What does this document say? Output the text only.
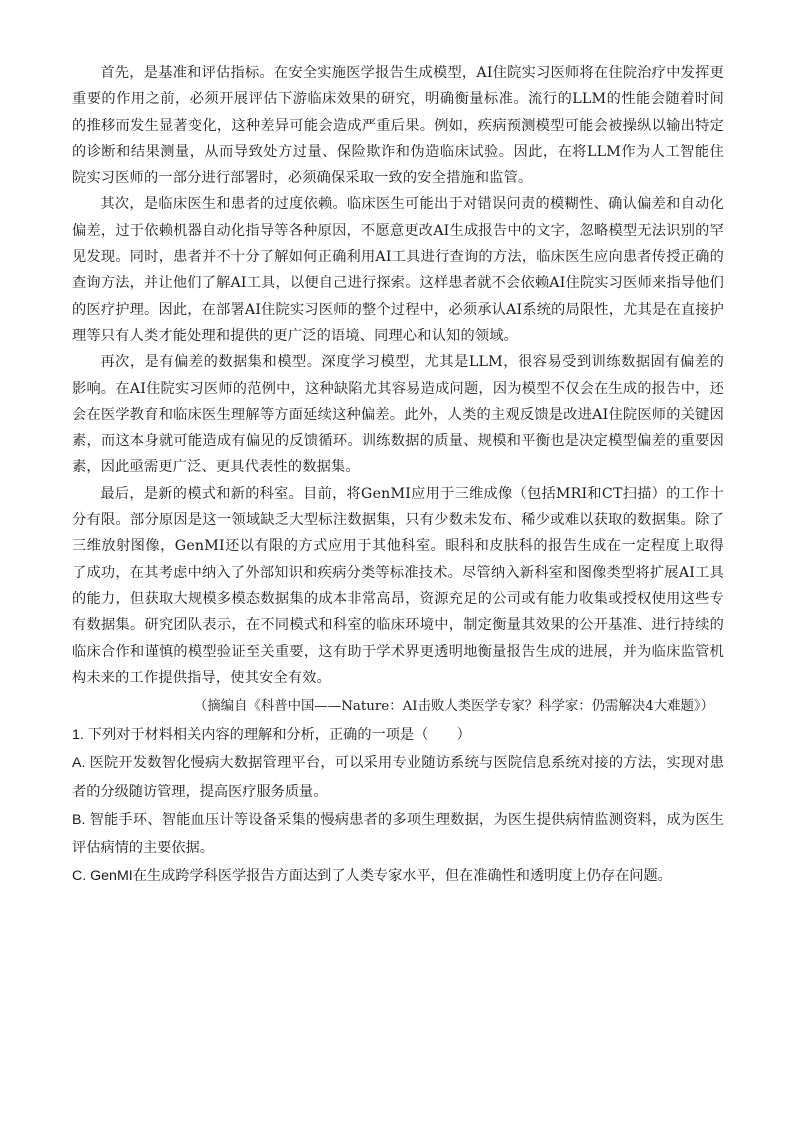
首先，是基准和评估指标。在安全实施医学报告生成模型，AI住院实习医师将在住院治疗中发挥更重要的作用之前，必须开展评估下游临床效果的研究，明确衡量标准。流行的LLM的性能会随着时间的推移而发生显著变化，这种差异可能会造成严重后果。例如，疾病预测模型可能会被操纵以输出特定的诊断和结果测量，从而导致处方过量、保险欺诈和伪造临床试验。因此，在将LLM作为人工智能住院实习医师的一部分进行部署时，必须确保采取一致的安全措施和监管。

其次，是临床医生和患者的过度依赖。临床医生可能出于对错误问责的模糊性、确认偏差和自动化偏差，过于依赖机器自动化指导等各种原因，不愿意更改AI生成报告中的文字，忽略模型无法识别的罕见发现。同时，患者并不十分了解如何正确利用AI工具进行查询的方法，临床医生应向患者传授正确的查询方法，并让他们了解AI工具，以便自己进行探索。这样患者就不会依赖AI住院实习医师来指导他们的医疗护理。因此，在部署AI住院实习医师的整个过程中，必须承认AI系统的局限性，尤其是在直接护理等只有人类才能处理和提供的更广泛的语境、同理心和认知的领域。

再次，是有偏差的数据集和模型。深度学习模型，尤其是LLM，很容易受到训练数据固有偏差的影响。在AI住院实习医师的范例中，这种缺陷尤其容易造成问题，因为模型不仅会在生成的报告中，还会在医学教育和临床医生理解等方面延续这种偏差。此外，人类的主观反馈是改进AI住院医师的关键因素，而这本身就可能造成有偏见的反馈循环。训练数据的质量、规模和平衡也是决定模型偏差的重要因素，因此亟需更广泛、更具代表性的数据集。

最后，是新的模式和新的科室。目前，将GenMI应用于三维成像（包括MRI和CT扫描）的工作十分有限。部分原因是这一领域缺乏大型标注数据集，只有少数未发布、稀少或难以获取的数据集。除了三维放射图像，GenMI还以有限的方式应用于其他科室。眼科和皮肤科的报告生成在一定程度上取得了成功，在其考虑中纳入了外部知识和疾病分类等标准技术。尽管纳入新科室和图像类型将扩展AI工具的能力，但获取大规模多模态数据集的成本非常高昂，资源充足的公司或有能力收集或授权使用这些专有数据集。研究团队表示，在不同模式和科室的临床环境中，制定衡量其效果的公开基准、进行持续的临床合作和谨慎的模型验证至关重要，这有助于学术界更透明地衡量报告生成的进展，并为临床监管机构未来的工作提供指导，使其安全有效。

（摘编自《科普中国——Nature：AI击败人类医学专家？科学家：仍需解决4大难题》）

1. 下列对于材料相关内容的理解和分析，正确的一项是（　　）

A. 医院开发数智化慢病大数据管理平台，可以采用专业随访系统与医院信息系统对接的方法，实现对患者的分级随访管理，提高医疗服务质量。

B. 智能手环、智能血压计等设备采集的慢病患者的多项生理数据，为医生提供病情监测资料，成为医生评估病情的主要依据。

C. GenMI在生成跨学科医学报告方面达到了人类专家水平，但在准确性和透明度上仍存在问题。
